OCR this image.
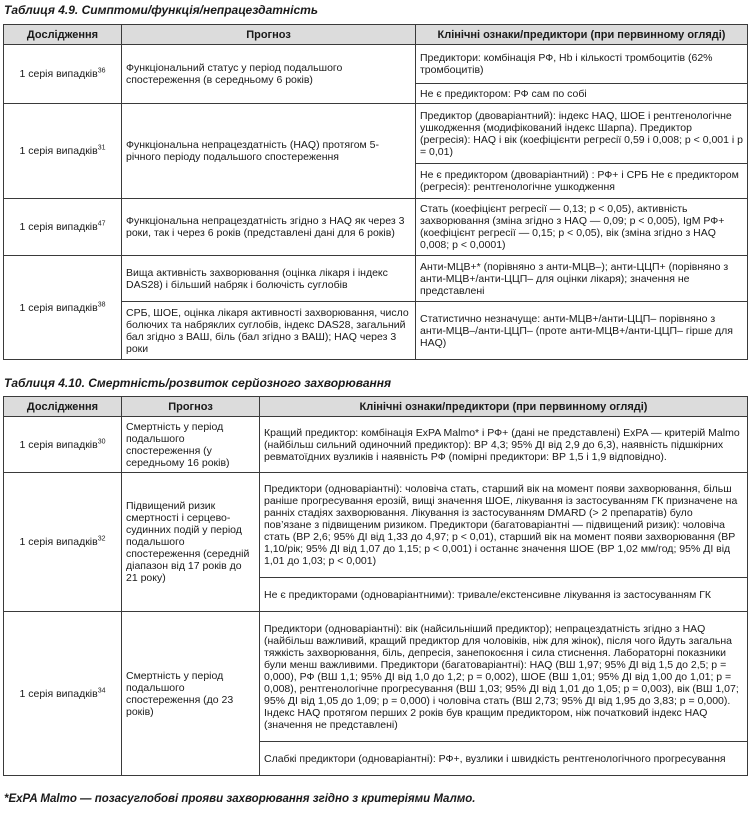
Таблиця 4.9. Симптоми/функція/непрацездатність
Дослідження	Прогноз	Клінічні ознаки/предиктори (при первинному огляді)
1 серія випадків$^{36}$	Функціональний статус у період подальшого спостереження (в середньому 6 років)	Предиктори: комбінація РФ, Hb і кількості тромбоцитів (62% тромбоцитів)
		Не є предиктором: РФ сам по собі
1 серія випадків$^{31}$	Функціональна непрацездатність (HAQ) протягом 5-річного періоду подальшого спостереження	Предиктор (двоваріантний): індекс HAQ, ШОЕ і рентгенологічне ушкодження (модифікований індекс Шарпа). Предиктор (регресія): HAQ і вік (коефіцієнти регресії 0,59 і 0,008; р < 0,001 і р = 0,01)
		Не є предиктором (двоваріантний) : РФ+ і СРБ Не є предиктором (регресія): рентгенологічне ушкодження
1 серія випадків$^{47}$	Функціональна непрацездатність згідно з HAQ як через 3 роки, так і через 6 років (представлені дані для 6 років)	Стать (коефіцієнт регресії — 0,13; р < 0,05), активність захворювання (зміна згідно з HAQ — 0,09; р < 0,005), IgM РФ+ (коефіцієнт регресії — 0,15; р < 0,05), вік (зміна згідно з HAQ 0,008; р < 0,0001)
1 серія випадків$^{38}$	Вища активність захворювання (оцінка лікаря і індекс DAS28) і більший набряк і болючість суглобів	Анти-МЦВ+* (порівняно з анти-МЦВ–); анти-ЦЦП+ (порівняно з анти-МЦВ+/анти-ЦЦП– для оцінки лікаря); значення не представлені
	СРБ, ШОЕ, оцінка лікаря активності захворювання, число болючих та набряклих суглобів, індекс DAS28, загальний бал згідно з ВАШ, біль (бал згідно з ВАШ); HAQ через 3 роки	Статистично незначуще: анти-МЦВ+/анти-ЦЦП– порівняно з анти-МЦВ–/анти-ЦЦП– (проте анти-МЦВ+/анти-ЦЦП– гірше для HAQ)
Таблиця 4.10. Смертність/розвиток серйозного захворювання
Дослідження	Прогноз	Клінічні ознаки/предиктори (при первинному огляді)
1 серія випадків$^{30}$	Смертність у період подальшого спостереження (у середньому 16 років)	Кращий предиктор: комбінація ExPA Malmo* і РФ+ (дані не представлені) ExPA — критерій Malmo (найбільш сильний одиночний предиктор): ВР 4,3; 95% ДІ від 2,9 до 6,3), наявність підшкірних ревматоїдних вузликів і наявність РФ (помірні предиктори: ВР 1,5 і 1,9 відповідно).
1 серія випадків$^{32}$	Підвищений ризик смертності і серцево-судинних подій у період подальшого спостереження (середній діапазон від 17 років до 21 року)	Предиктори (одноваріантні): чоловіча стать, старший вік на момент появи захворювання, більш раніше прогресування ерозій, вищі значення ШОЕ, лікування із застосуванням ГК призначене на ранніх стадіях захворювання. Лікування із застосуванням DMARD (> 2 препаратів) було пов’язане з підвищеним ризиком. Предиктори (багатоваріантні — підвищений ризик): чоловіча стать (ВР 2,6; 95% ДІ від 1,33 до 4,97; р < 0,01), старший вік на момент появи захворювання (ВР 1,10/рік; 95% ДІ від 1,07 до 1,15; р < 0,001) і останнє значення ШОЕ (ВР 1,02 мм/год; 95% ДІ від 1,01 до 1,03; р < 0,001)
		Не є предикторами (одноваріантними): тривале/екстенсивне лікування із застосуванням ГК
1 серія випадків$^{34}$	Смертність у період подальшого спостереження (до 23 років)	Предиктори (одноваріантні): вік (найсильніший предиктор); непрацездатність згідно з HAQ (найбільш важливий, кращий предиктор для чоловіків, ніж для жінок), після чого йдуть загальна тяжкість захворювання, біль, депресія, занепокоєння і сила стиснення. Лабораторні показники були менш важливими. Предиктори (багатоваріантні): HAQ (ВШ 1,97; 95% ДІ від 1,5 до 2,5; р = 0,000), РФ (ВШ 1,1; 95% ДІ від 1,0 до 1,2; р = 0,002), ШОЕ (ВШ 1,01; 95% ДІ від 1,00 до 1,01; р = 0,008), рентгенологічне прогресування (ВШ 1,03; 95% ДІ від 1,01 до 1,05; р = 0,003), вік (ВШ 1,07; 95% ДІ від 1,05 до 1,09; р = 0,000) і чоловіча стать (ВШ 2,73; 95% ДІ від 1,95 до 3,83; р = 0,000). Індекс HAQ протягом перших 2 років був кращим предиктором, ніж початковий індекс HAQ (значення не представлені)
		Слабкі предиктори (одноваріантні): РФ+, вузлики і швидкість рентгенологічного прогресування
*ExPA Malmo — позасуглобові прояви захворювання згідно з критеріями Малмо.
